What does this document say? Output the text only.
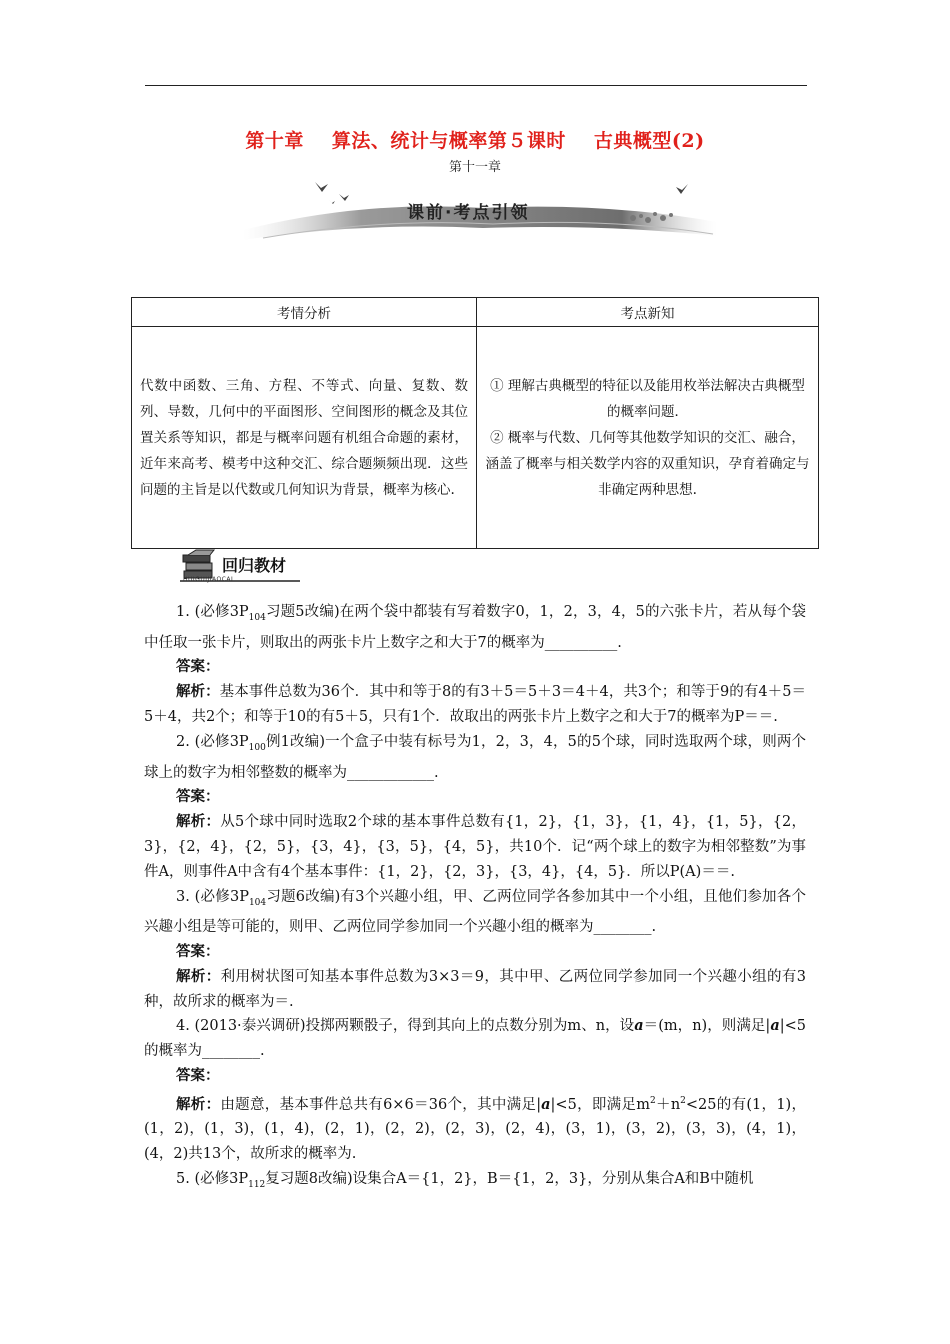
第十章 算法、统计与概率第５课时 古典概型(2)
第十一章
课前·考点引领
考情分析	考点新知
代数中函数、三角、方程、不等式、向量、复数、数列、导数，几何中的平面图形、空间图形的概念及其位置关系等知识，都是与概率问题有机组合命题的素材，近年来高考、模考中这种交汇、综合题频频出现．这些问题的主旨是以代数或几何知识为背景，概率为核心.	① 理解古典概型的特征以及能用枚举法解决古典概型的概率问题．
② 概率与代数、几何等其他数学知识的交汇、融合，涵盖了概率与相关数学内容的双重知识，孕育着确定与非确定两种思想.
回归教材
HUIGUIJIAOCAI

1. (必修$3P_{104}$习题5改编)在两个袋中都装有写着数字0，1，2，3，4，5的六张卡片，若从每个袋中任取一张卡片，则取出的两张卡片上数字之和大于7的概率为__________.

答案：

解析：基本事件总数为36个．其中和等于8的有3＋5＝5＋3＝4＋4，共3个；和等于9的有4＋5＝5＋4，共2个；和等于10的有5＋5，只有1个．故取出的两张卡片上数字之和大于7的概率为P＝＝.

2. (必修$3P_{100}$例1改编)一个盒子中装有标号为1，2，3，4，5的5个球，同时选取两个球，则两个球上的数字为相邻整数的概率为____________.

答案：

解析：从5个球中同时选取2个球的基本事件总数有{1，2}，{1，3}，{1，4}，{1，5}，{2，3}，{2，4}，{2，5}，{3，4}，{3，5}，{4，5}，共10个．记“两个球上的数字为相邻整数”为事件A，则事件A中含有4个基本事件：{1，2}，{2，3}，{3，4}，{4，5}．所以P(A)＝＝.

3. (必修$3P_{104}$习题6改编)有3个兴趣小组，甲、乙两位同学各参加其中一个小组，且他们参加各个兴趣小组是等可能的，则甲、乙两位同学参加同一个兴趣小组的概率为________.

答案：

解析：利用树状图可知基本事件总数为3×3＝9，其中甲、乙两位同学参加同一个兴趣小组的有3种，故所求的概率为＝.

4. (2013·泰兴调研)投掷两颗骰子，得到其向上的点数分别为m、n，设a＝(m，n)，则满足|a|<5的概率为________.

答案：

解析：由题意，基本事件总共有6×6＝36个，其中满足|a|<5，即满足$m^2+n^2<25$的有(1，1)，(1，2)，(1，3)，(1，4)，(2，1)，(2，2)，(2，3)，(2，4)，(3，1)，(3，2)，(3，3)，(4，1)，(4，2)共13个，故所求的概率为.

5. (必修$3P_{112}$复习题8改编)设集合A＝{1，2}，B＝{1，2，3}，分别从集合A和B中随机
